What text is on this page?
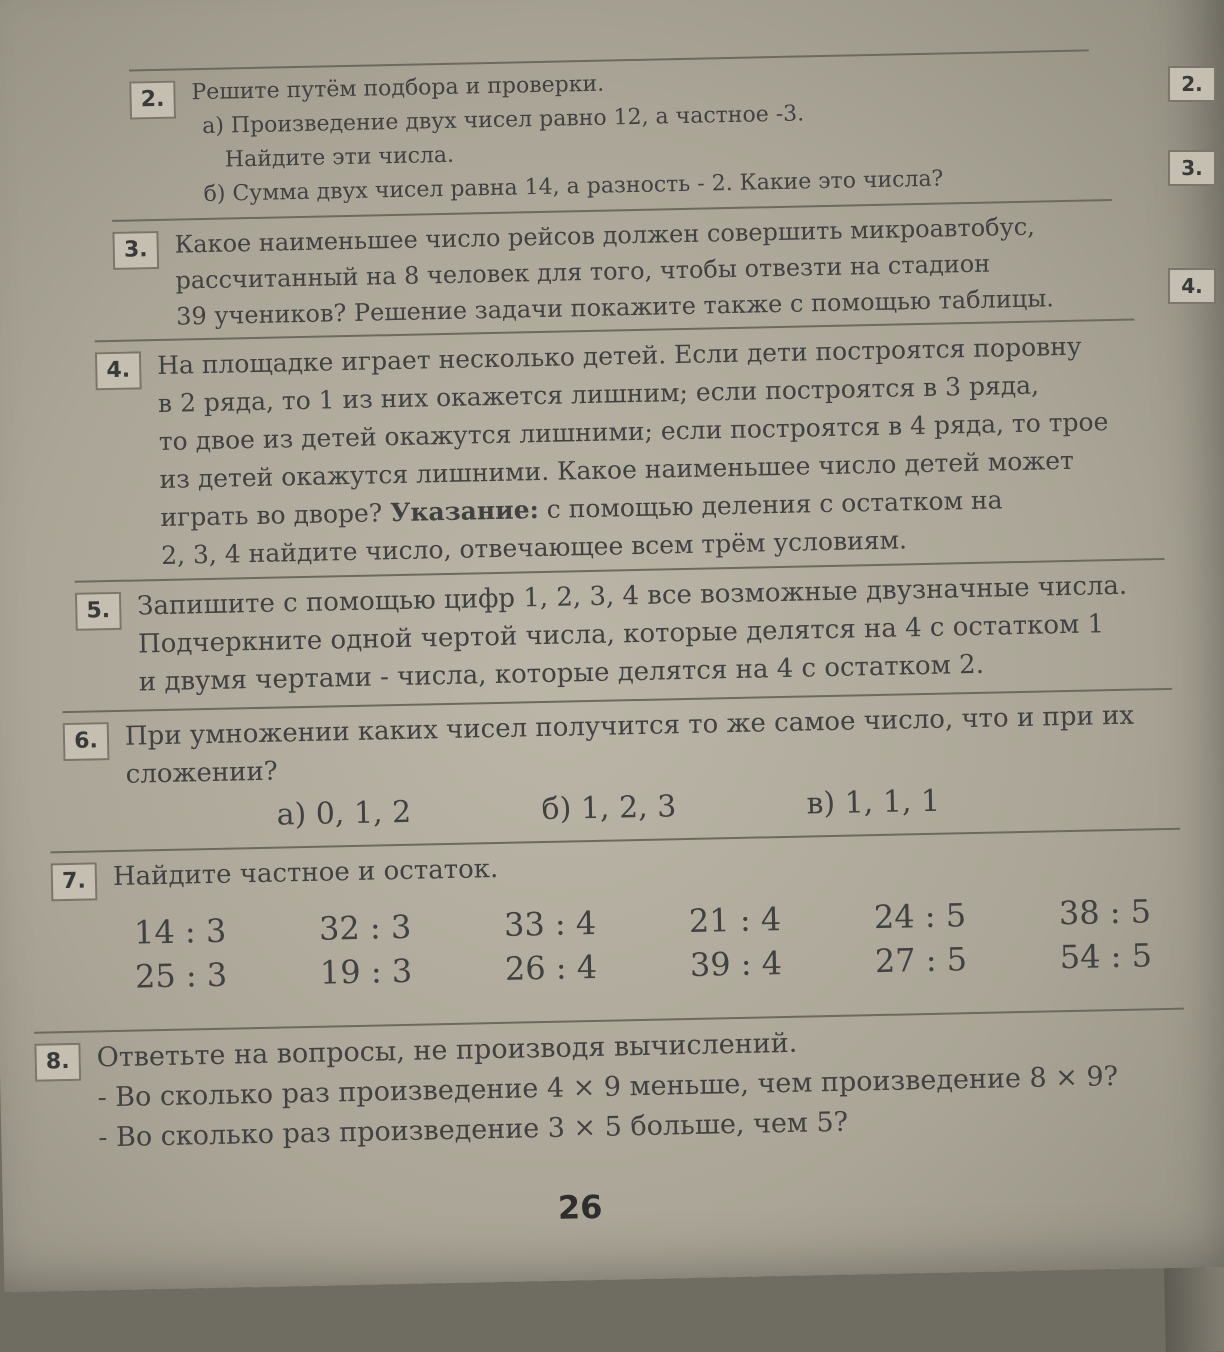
2.	Решите путём подбора и проверки.
а) Произведение двух чисел равно 12, а частное -3.
Найдите эти числа.
б) Сумма двух чисел равна 14, а разность - 2. Какие это числа?
3.	Какое наименьшее число рейсов должен совершить микроавтобус,
рассчитанный на 8 человек для того, чтобы отвезти на стадион
39 учеников? Решение задачи покажите также с помощью таблицы.
4.	На площадке играет несколько детей. Если дети построятся поровну
в 2 ряда, то 1 из них окажется лишним; если построятся в 3 ряда,
то двое из детей окажутся лишними; если построятся в 4 ряда, то трое
из детей окажутся лишними. Какое наименьшее число детей может
играть во дворе? Указание: с помощью деления с остатком на
2, 3, 4 найдите число, отвечающее всем трём условиям.
5.	Запишите с помощью цифр 1, 2, 3, 4 все возможные двузначные числа.
Подчеркните одной чертой числа, которые делятся на 4 с остатком 1
и двумя чертами - числа, которые делятся на 4 с остатком 2.
6.	При умножении каких чисел получится то же самое число, что и при их
сложении?
а) 0, 1, 2	б) 1, 2, 3	в) 1, 1, 1
7.	Найдите частное и остаток.
14 : 3	32 : 3	33 : 4	21 : 4	24 : 5	38 : 5
25 : 3	19 : 3	26 : 4	39 : 4	27 : 5	54 : 5
8. Ответьте на вопросы, не производя вычислений.
- Во сколько раз произведение 4 × 9 меньше, чем произведение 8 × 9?
- Во сколько раз произведение 3 × 5 больше, чем 5?
26
2.
3.
4.
